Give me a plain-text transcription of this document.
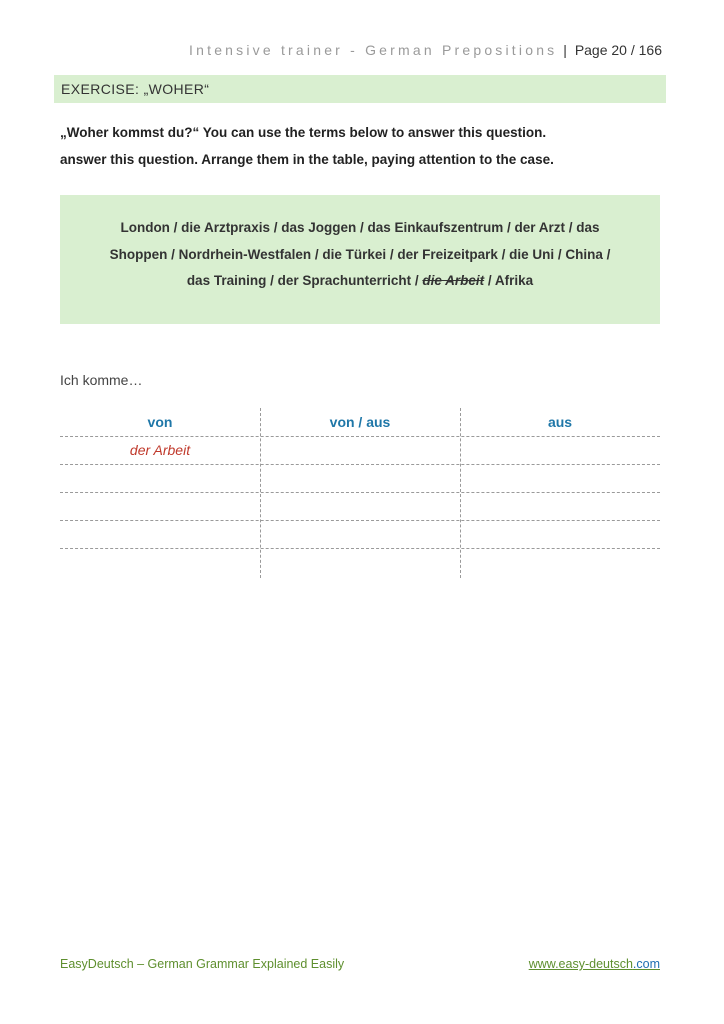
Intensive trainer - German Prepositions | Page 20 / 166
EXERCISE: „WOHER“
„Woher kommst du?“ You can use the terms below to answer this question.
answer this question. Arrange them in the table, paying attention to the case.
London / die Arztpraxis / das Joggen / das Einkaufszentrum / der Arzt / das
Shoppen / Nordrhein-Westfalen / die Türkei / der Freizeitpark / die Uni / China /
das Training / der Sprachunterricht / die Arbeit / Afrika
Ich komme…
von	von / aus	aus
der Arbeit
EasyDeutsch – German Grammar Explained Easily	www.easy-deutsch.com
